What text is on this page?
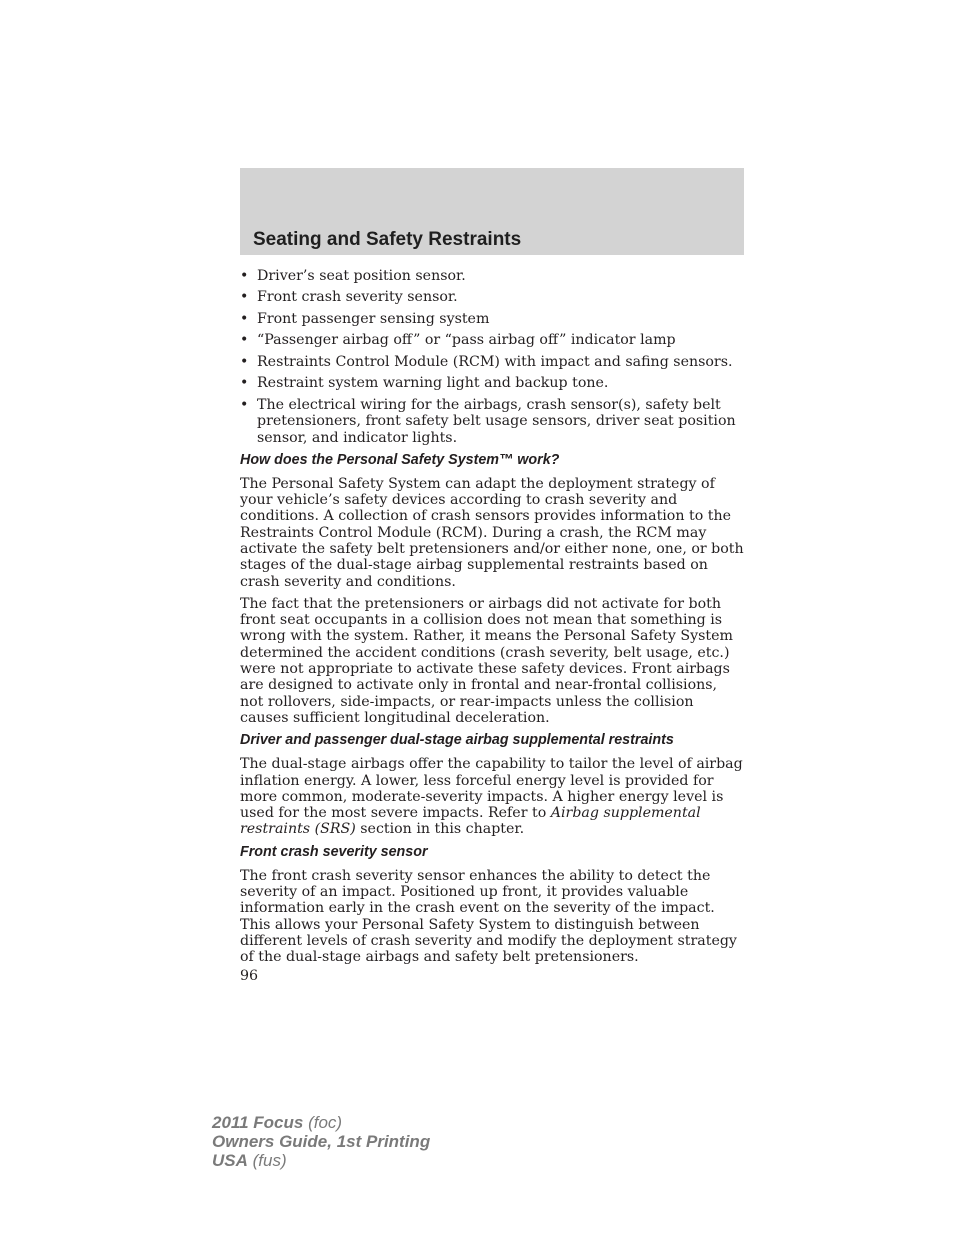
Seating and Safety Restraints
• Driver’s seat position sensor.
• Front crash severity sensor.
• Front passenger sensing system
• “Passenger airbag off” or “pass airbag off” indicator lamp
• Restraints Control Module (RCM) with impact and safing sensors.
• Restraint system warning light and backup tone.
• The electrical wiring for the airbags, crash sensor(s), safety belt pretensioners, front safety belt usage sensors, driver seat position sensor, and indicator lights.
How does the Personal Safety System™ work?

The Personal Safety System can adapt the deployment strategy of your vehicle’s safety devices according to crash severity and conditions. A collection of crash sensors provides information to the Restraints Control Module (RCM). During a crash, the RCM may activate the safety belt pretensioners and/or either none, one, or both stages of the dual-stage airbag supplemental restraints based on crash severity and conditions.

The fact that the pretensioners or airbags did not activate for both front seat occupants in a collision does not mean that something is wrong with the system. Rather, it means the Personal Safety System determined the accident conditions (crash severity, belt usage, etc.) were not appropriate to activate these safety devices. Front airbags are designed to activate only in frontal and near-frontal collisions, not rollovers, side-impacts, or rear-impacts unless the collision causes sufficient longitudinal deceleration.

Driver and passenger dual-stage airbag supplemental restraints

The dual-stage airbags offer the capability to tailor the level of airbag inflation energy. A lower, less forceful energy level is provided for more common, moderate-severity impacts. A higher energy level is used for the most severe impacts. Refer to Airbag supplemental restraints (SRS) section in this chapter.

Front crash severity sensor

The front crash severity sensor enhances the ability to detect the severity of an impact. Positioned up front, it provides valuable information early in the crash event on the severity of the impact. This allows your Personal Safety System to distinguish between different levels of crash severity and modify the deployment strategy of the dual-stage airbags and safety belt pretensioners.

96
2011 Focus (foc)
Owners Guide, 1st Printing
USA (fus)
